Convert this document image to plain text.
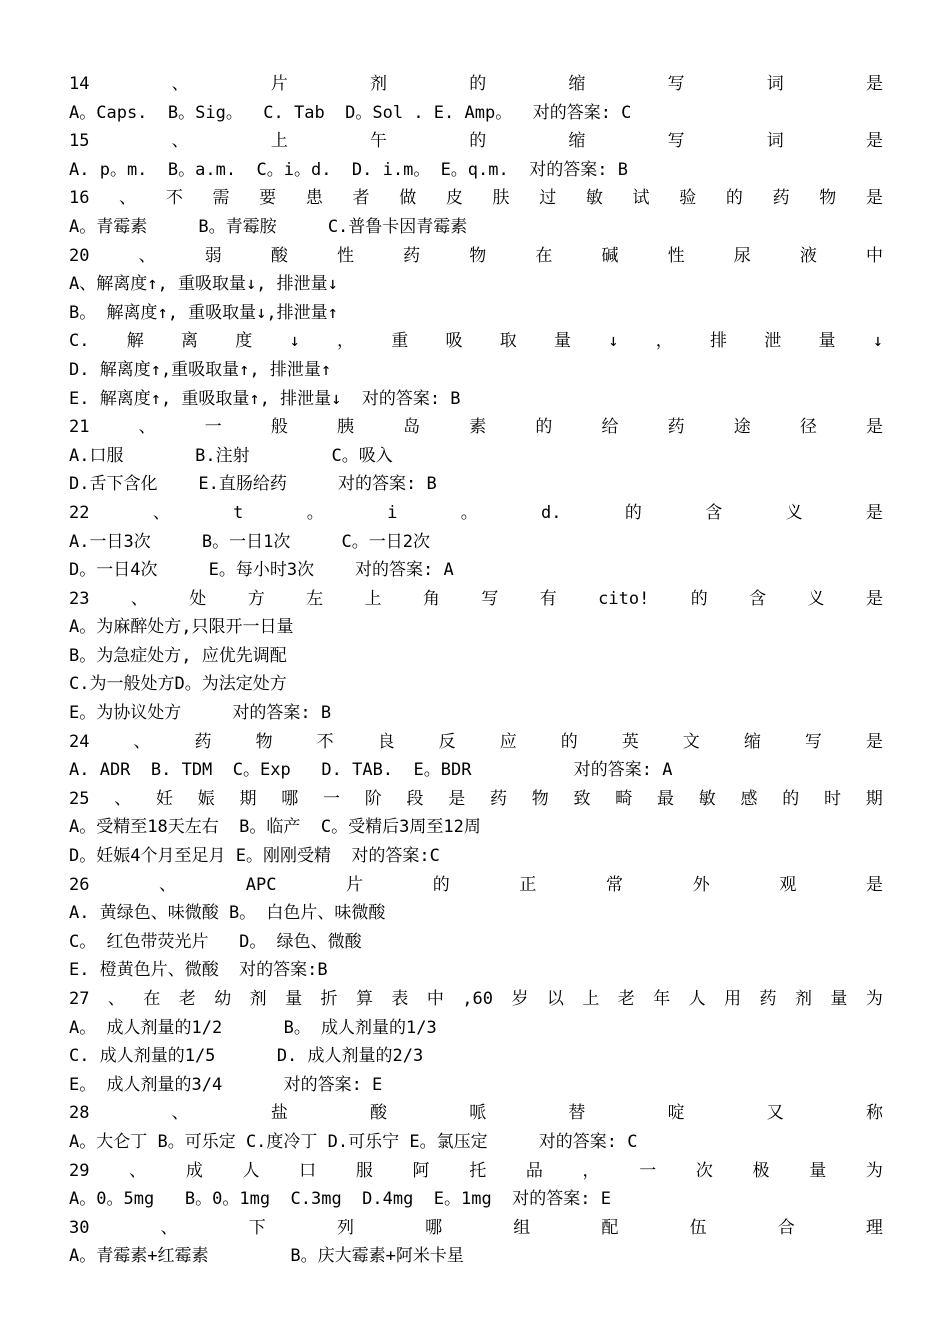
14	、	片	剂	的	缩	写	词	是
A。Caps.  B。Sig。  C. Tab  D。Sol . E. Amp。  对的答案: C
15	、	上	午	的	缩	写	词	是
A. p。m.  B。a.m.  C。i。d.  D. i.m。 E。q.m.  对的答案: B
16 、 不 需 要 患 者 做 皮 肤 过 敏 试 验 的 药 物 是
A。青霉素     B。青霉胺     C.普鲁卡因青霉素
20	、	弱	酸	性	药	物	在	碱	性	尿	液	中
A、解离度↑, 重吸取量↓, 排泄量↓
B。 解离度↑, 重吸取量↓,排泄量↑
C. 解 离 度 ↓ ， 重 吸 取 量 ↓ ， 排 泄 量 ↓
D. 解离度↑,重吸取量↑, 排泄量↑
E. 解离度↑, 重吸取量↑, 排泄量↓  对的答案: B
21	、	一	般	胰	岛	素	的	给	药	途	径	是
A.口服       B.注射        C。吸入
D.舌下含化    E.直肠给药     对的答案: B
22	、	t	。	i	。	d.	的	含	义	是
A.一日3次     B。一日1次     C。一日2次
D。一日4次     E。每小时3次    对的答案: A
23 、 处 方 左 上 角 写 有 cito! 的 含 义 是
A。为麻醉处方,只限开一日量
B。为急症处方, 应优先调配
C.为一般处方D。为法定处方
E。为协议处方     对的答案: B
24	、	药	物	不	良	反	应	的	英	文	缩	写	是
A. ADR  B. TDM  C。Exp   D. TAB.  E。BDR          对的答案: A
25 、 妊 娠 期 哪 一 阶 段 是 药 物 致 畸 最 敏 感 的 时 期
A。受精至18天左右  B。临产  C。受精后3周至12周
D。妊娠4个月至足月 E。刚刚受精  对的答案:C
26	、	APC	片	的	正	常	外	观	是
A. 黄绿色、味微酸 B。 白色片、味微酸
C。 红色带荧光片   D。 绿色、微酸
E. 橙黄色片、微酸  对的答案:B
27 、 在 老 幼 剂 量 折 算 表 中 ,60 岁 以 上 老 年 人 用 药 剂 量 为
A。 成人剂量的1/2      B。 成人剂量的1/3
C. 成人剂量的1/5      D. 成人剂量的2/3
E。 成人剂量的3/4      对的答案: E
28	、	盐	酸	哌	替	啶	又	称
A。大仑丁 B。可乐定 C.度冷丁 D.可乐宁 E。氯压定     对的答案: C
29 、 成 人 口 服 阿 托 品 ， 一 次 极 量 为
A。0。5mg   B。0。1mg  C.3mg  D.4mg  E。1mg  对的答案: E
30	、	下	列	哪	组	配	伍	合	理
A。青霉素+红霉素        B。庆大霉素+阿米卡星
